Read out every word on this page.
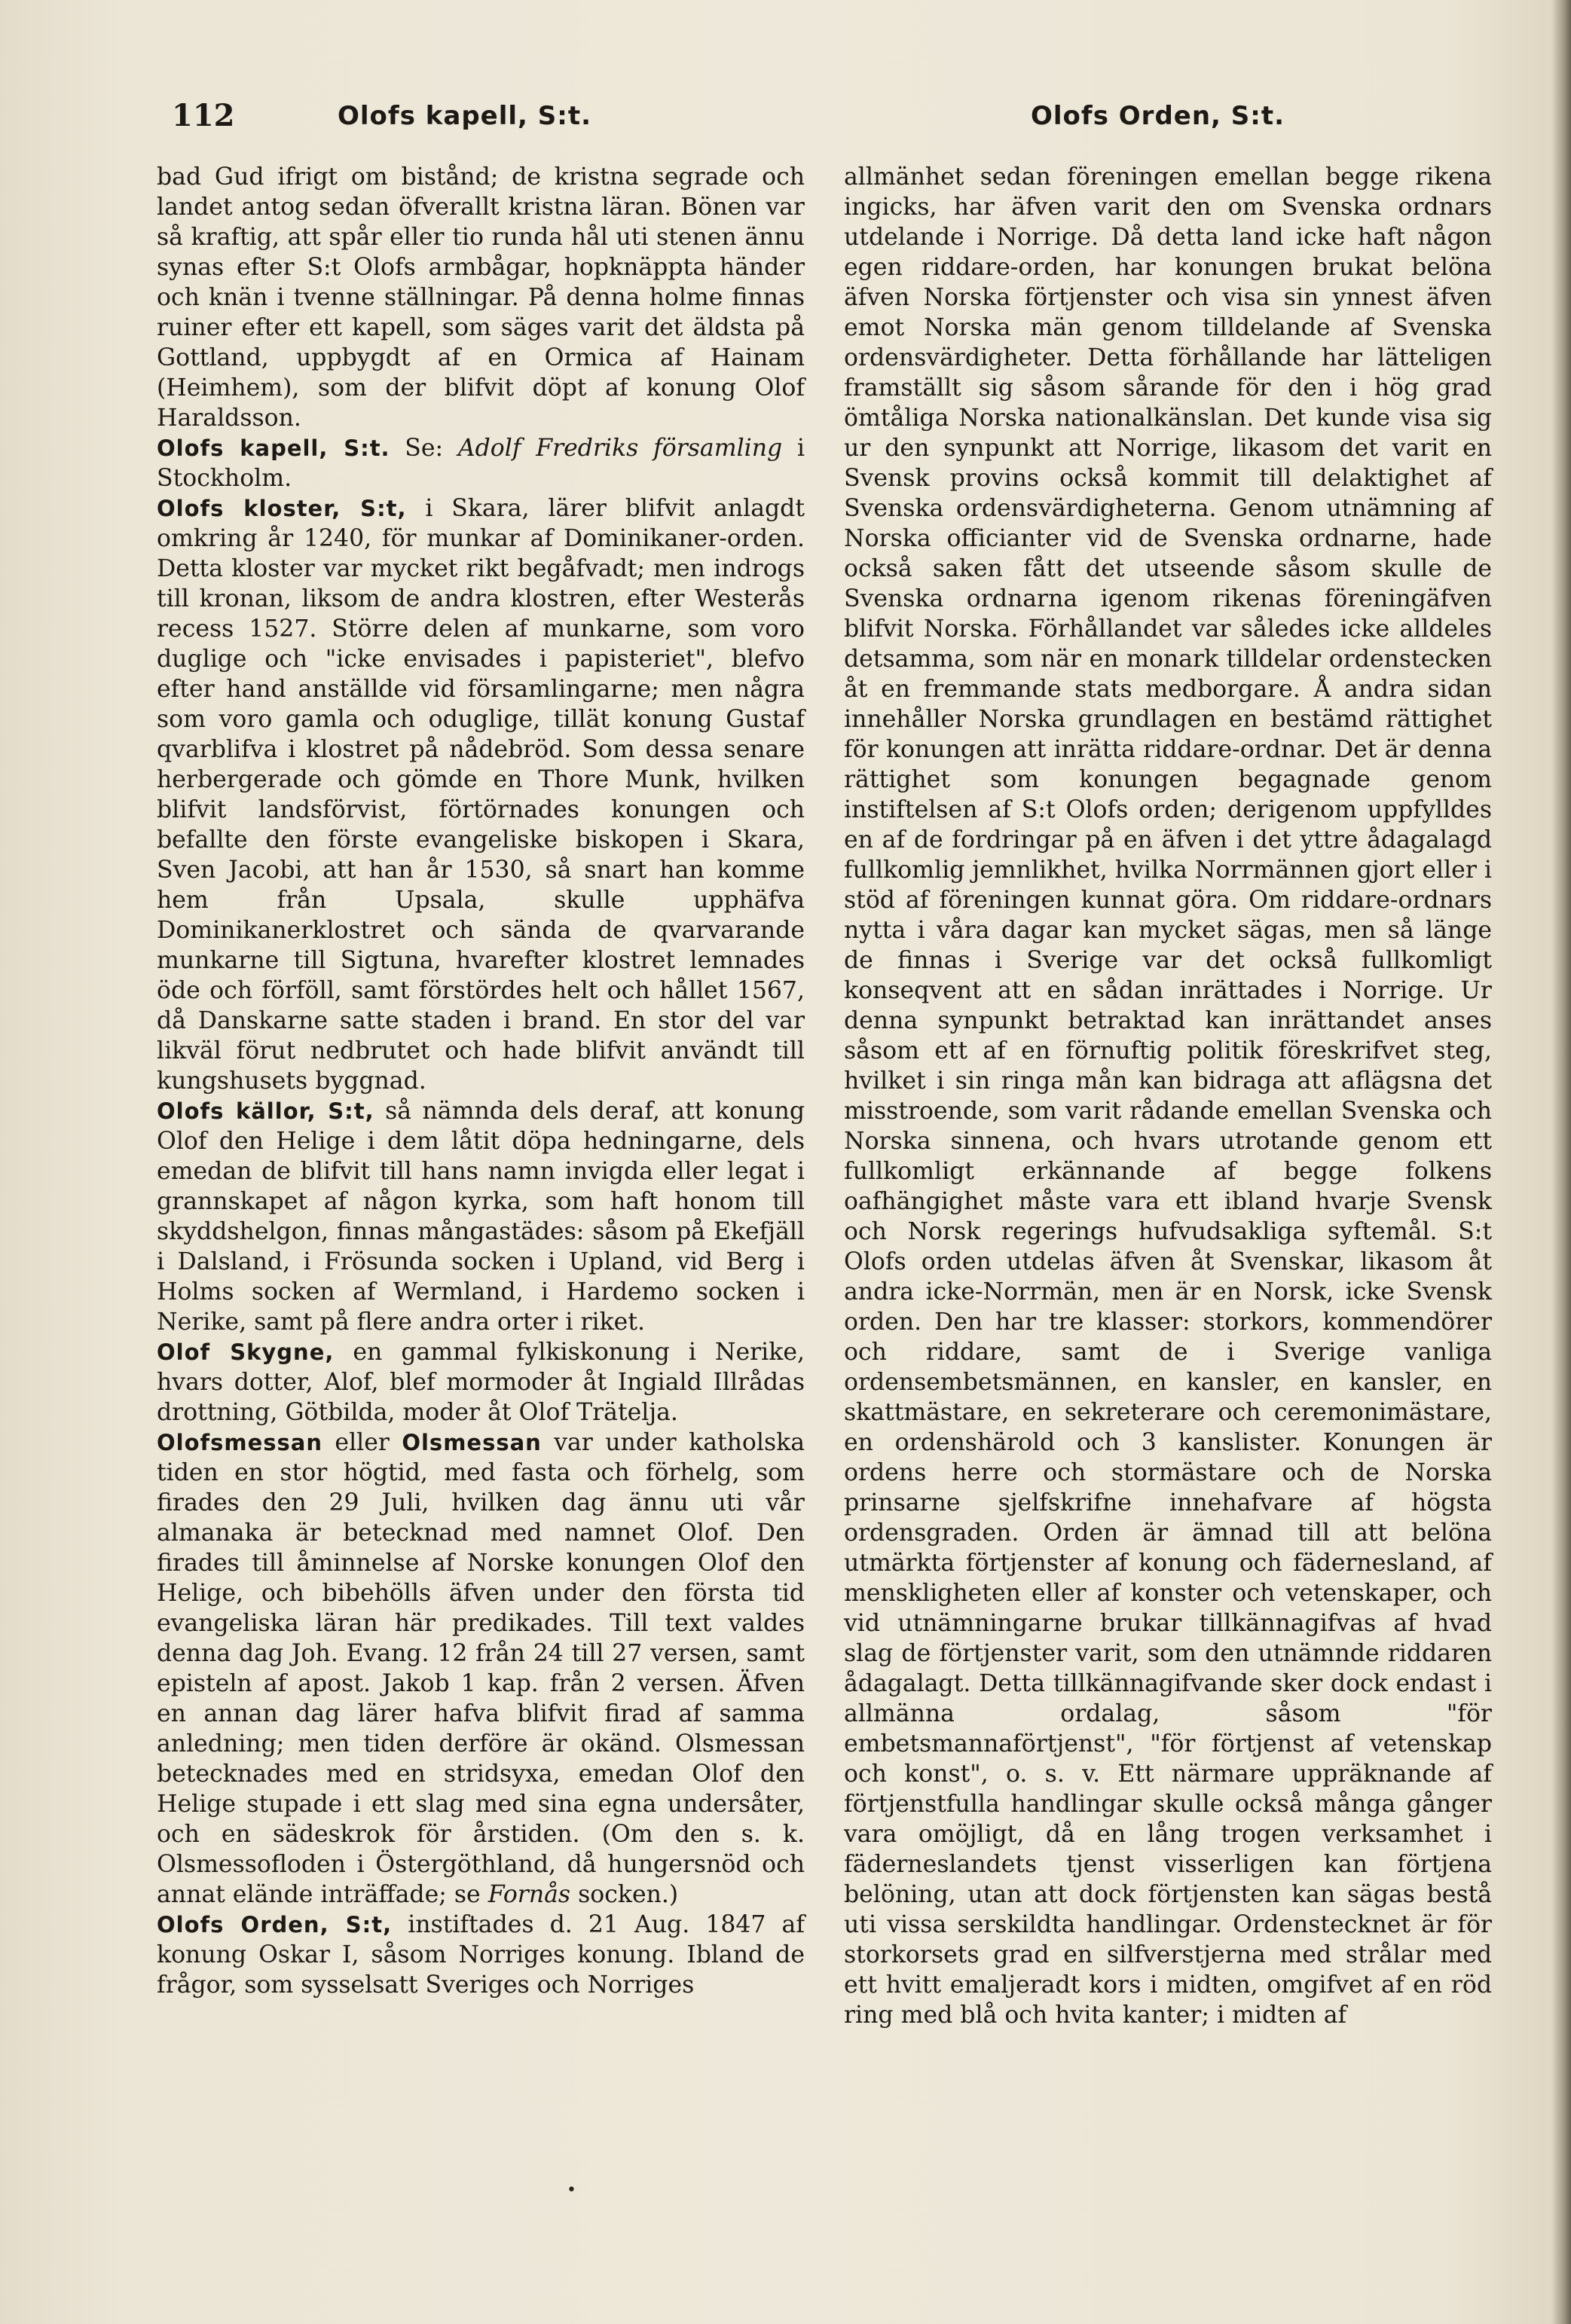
112	Olofs kapell, S:t.	Olofs Orden, S:t.

bad Gud ifrigt om bistånd; de kristna segrade och landet antog sedan öfverallt kristna läran. Bönen var så kraftig, att spår eller tio runda hål uti stenen ännu synas efter S:t Olofs armbågar, hopknäppta händer och knän i tvenne ställningar. På denna holme finnas ruiner efter ett kapell, som säges varit det äldsta på Gottland, uppbygdt af en Ormica af Hainam (Heimhem), som der blifvit döpt af konung Olof Haraldsson.

Olofs kapell, S:t. Se: Adolf Fredriks församling i Stockholm.

Olofs kloster, S:t, i Skara, lärer blifvit anlagdt omkring år 1240, för munkar af Dominikaner-orden. Detta kloster var mycket rikt begåfvadt; men indrogs till kronan, liksom de andra klostren, efter Westerås recess 1527. Större delen af munkarne, som voro duglige och "icke envisades i papisteriet", blefvo efter hand anställde vid församlingarne; men några som voro gamla och oduglige, tillät konung Gustaf qvarblifva i klostret på nådebröd. Som dessa senare herbergerade och gömde en Thore Munk, hvilken blifvit landsförvist, förtörnades konungen och befallte den förste evangeliske biskopen i Skara, Sven Jacobi, att han år 1530, så snart han komme hem från Upsala, skulle upphäfva Dominikanerklostret och sända de qvarvarande munkarne till Sigtuna, hvarefter klostret lemnades öde och förföll, samt förstördes helt och hållet 1567, då Danskarne satte staden i brand. En stor del var likväl förut nedbrutet och hade blifvit användt till kungshusets byggnad.

Olofs källor, S:t, så nämnda dels deraf, att konung Olof den Helige i dem låtit döpa hedningarne, dels emedan de blifvit till hans namn invigda eller legat i grannskapet af någon kyrka, som haft honom till skyddshelgon, finnas mångastädes: såsom på Ekefjäll i Dalsland, i Frösunda socken i Upland, vid Berg i Holms socken af Wermland, i Hardemo socken i Nerike, samt på flere andra orter i riket.

Olof Skygne, en gammal fylkiskonung i Nerike, hvars dotter, Alof, blef mormoder åt Ingiald Illrådas drottning, Götbilda, moder åt Olof Trätelja.

Olofsmessan eller Olsmessan var under katholska tiden en stor högtid, med fasta och förhelg, som firades den 29 Juli, hvilken dag ännu uti vår almanaka är betecknad med namnet Olof. Den firades till åminnelse af Norske konungen Olof den Helige, och bibehölls äfven under den första tid evangeliska läran här predikades. Till text valdes denna dag Joh. Evang. 12 från 24 till 27 versen, samt episteln af apost. Jakob 1 kap. från 2 versen. Äfven en annan dag lärer hafva blifvit firad af samma anledning; men tiden derföre är okänd. Olsmessan betecknades med en stridsyxa, emedan Olof den Helige stupade i ett slag med sina egna undersåter, och en sädeskrok för årstiden. (Om den s. k. Olsmessofloden i Östergöthland, då hungersnöd och annat elände inträffade; se Fornås socken.)

Olofs Orden, S:t, instiftades d. 21 Aug. 1847 af konung Oskar I, såsom Norriges konung. Ibland de frågor, som sysselsatt Sveriges och Norriges

allmänhet sedan föreningen emellan begge rikena ingicks, har äfven varit den om Svenska ordnars utdelande i Norrige. Då detta land icke haft någon egen riddare-orden, har konungen brukat belöna äfven Norska förtjenster och visa sin ynnest äfven emot Norska män genom tilldelande af Svenska ordensvärdigheter. Detta förhållande har lätteligen framställt sig såsom sårande för den i hög grad ömtåliga Norska nationalkänslan. Det kunde visa sig ur den synpunkt att Norrige, likasom det varit en Svensk provins också kommit till delaktighet af Svenska ordensvärdigheterna. Genom utnämning af Norska officianter vid de Svenska ordnarne, hade också saken fått det utseende såsom skulle de Svenska ordnarna igenom rikenas föreningäfven blifvit Norska. Förhållandet var således icke alldeles detsamma, som när en monark tilldelar ordenstecken åt en fremmande stats medborgare. Å andra sidan innehåller Norska grundlagen en bestämd rättighet för konungen att inrätta riddare-ordnar. Det är denna rättighet som konungen begagnade genom instiftelsen af S:t Olofs orden; derigenom uppfylldes en af de fordringar på en äfven i det yttre ådagalagd fullkomlig jemnlikhet, hvilka Norrmännen gjort eller i stöd af föreningen kunnat göra. Om riddare-ordnars nytta i våra dagar kan mycket sägas, men så länge de finnas i Sverige var det också fullkomligt konseqvent att en sådan inrättades i Norrige. Ur denna synpunkt betraktad kan inrättandet anses såsom ett af en förnuftig politik föreskrifvet steg, hvilket i sin ringa mån kan bidraga att aflägsna det misstroende, som varit rådande emellan Svenska och Norska sinnena, och hvars utrotande genom ett fullkomligt erkännande af begge folkens oafhängighet måste vara ett ibland hvarje Svensk och Norsk regerings hufvudsakliga syftemål. S:t Olofs orden utdelas äfven åt Svenskar, likasom åt andra icke-Norrmän, men är en Norsk, icke Svensk orden. Den har tre klasser: storkors, kommendörer och riddare, samt de i Sverige vanliga ordensembetsmännen, en kansler, en kansler, en skattmästare, en sekreterare och ceremonimästare, en ordenshärold och 3 kanslister. Konungen är ordens herre och stormästare och de Norska prinsarne sjelfskrifne innehafvare af högsta ordensgraden. Orden är ämnad till att belöna utmärkta förtjenster af konung och fädernesland, af menskligheten eller af konster och vetenskaper, och vid utnämningarne brukar tillkännagifvas af hvad slag de förtjenster varit, som den utnämnde riddaren ådagalagt. Detta tillkännagifvande sker dock endast i allmänna ordalag, såsom "för embetsmannaförtjenst", "för förtjenst af vetenskap och konst", o. s. v. Ett närmare uppräknande af förtjenstfulla handlingar skulle också många gånger vara omöjligt, då en lång trogen verksamhet i fäderneslandets tjenst visserligen kan förtjena belöning, utan att dock förtjensten kan sägas bestå uti vissa serskildta handlingar. Ordenstecknet är för storkorsets grad en silfverstjerna med strålar med ett hvitt emaljeradt kors i midten, omgifvet af en röd ring med blå och hvita kanter; i midten af

•
